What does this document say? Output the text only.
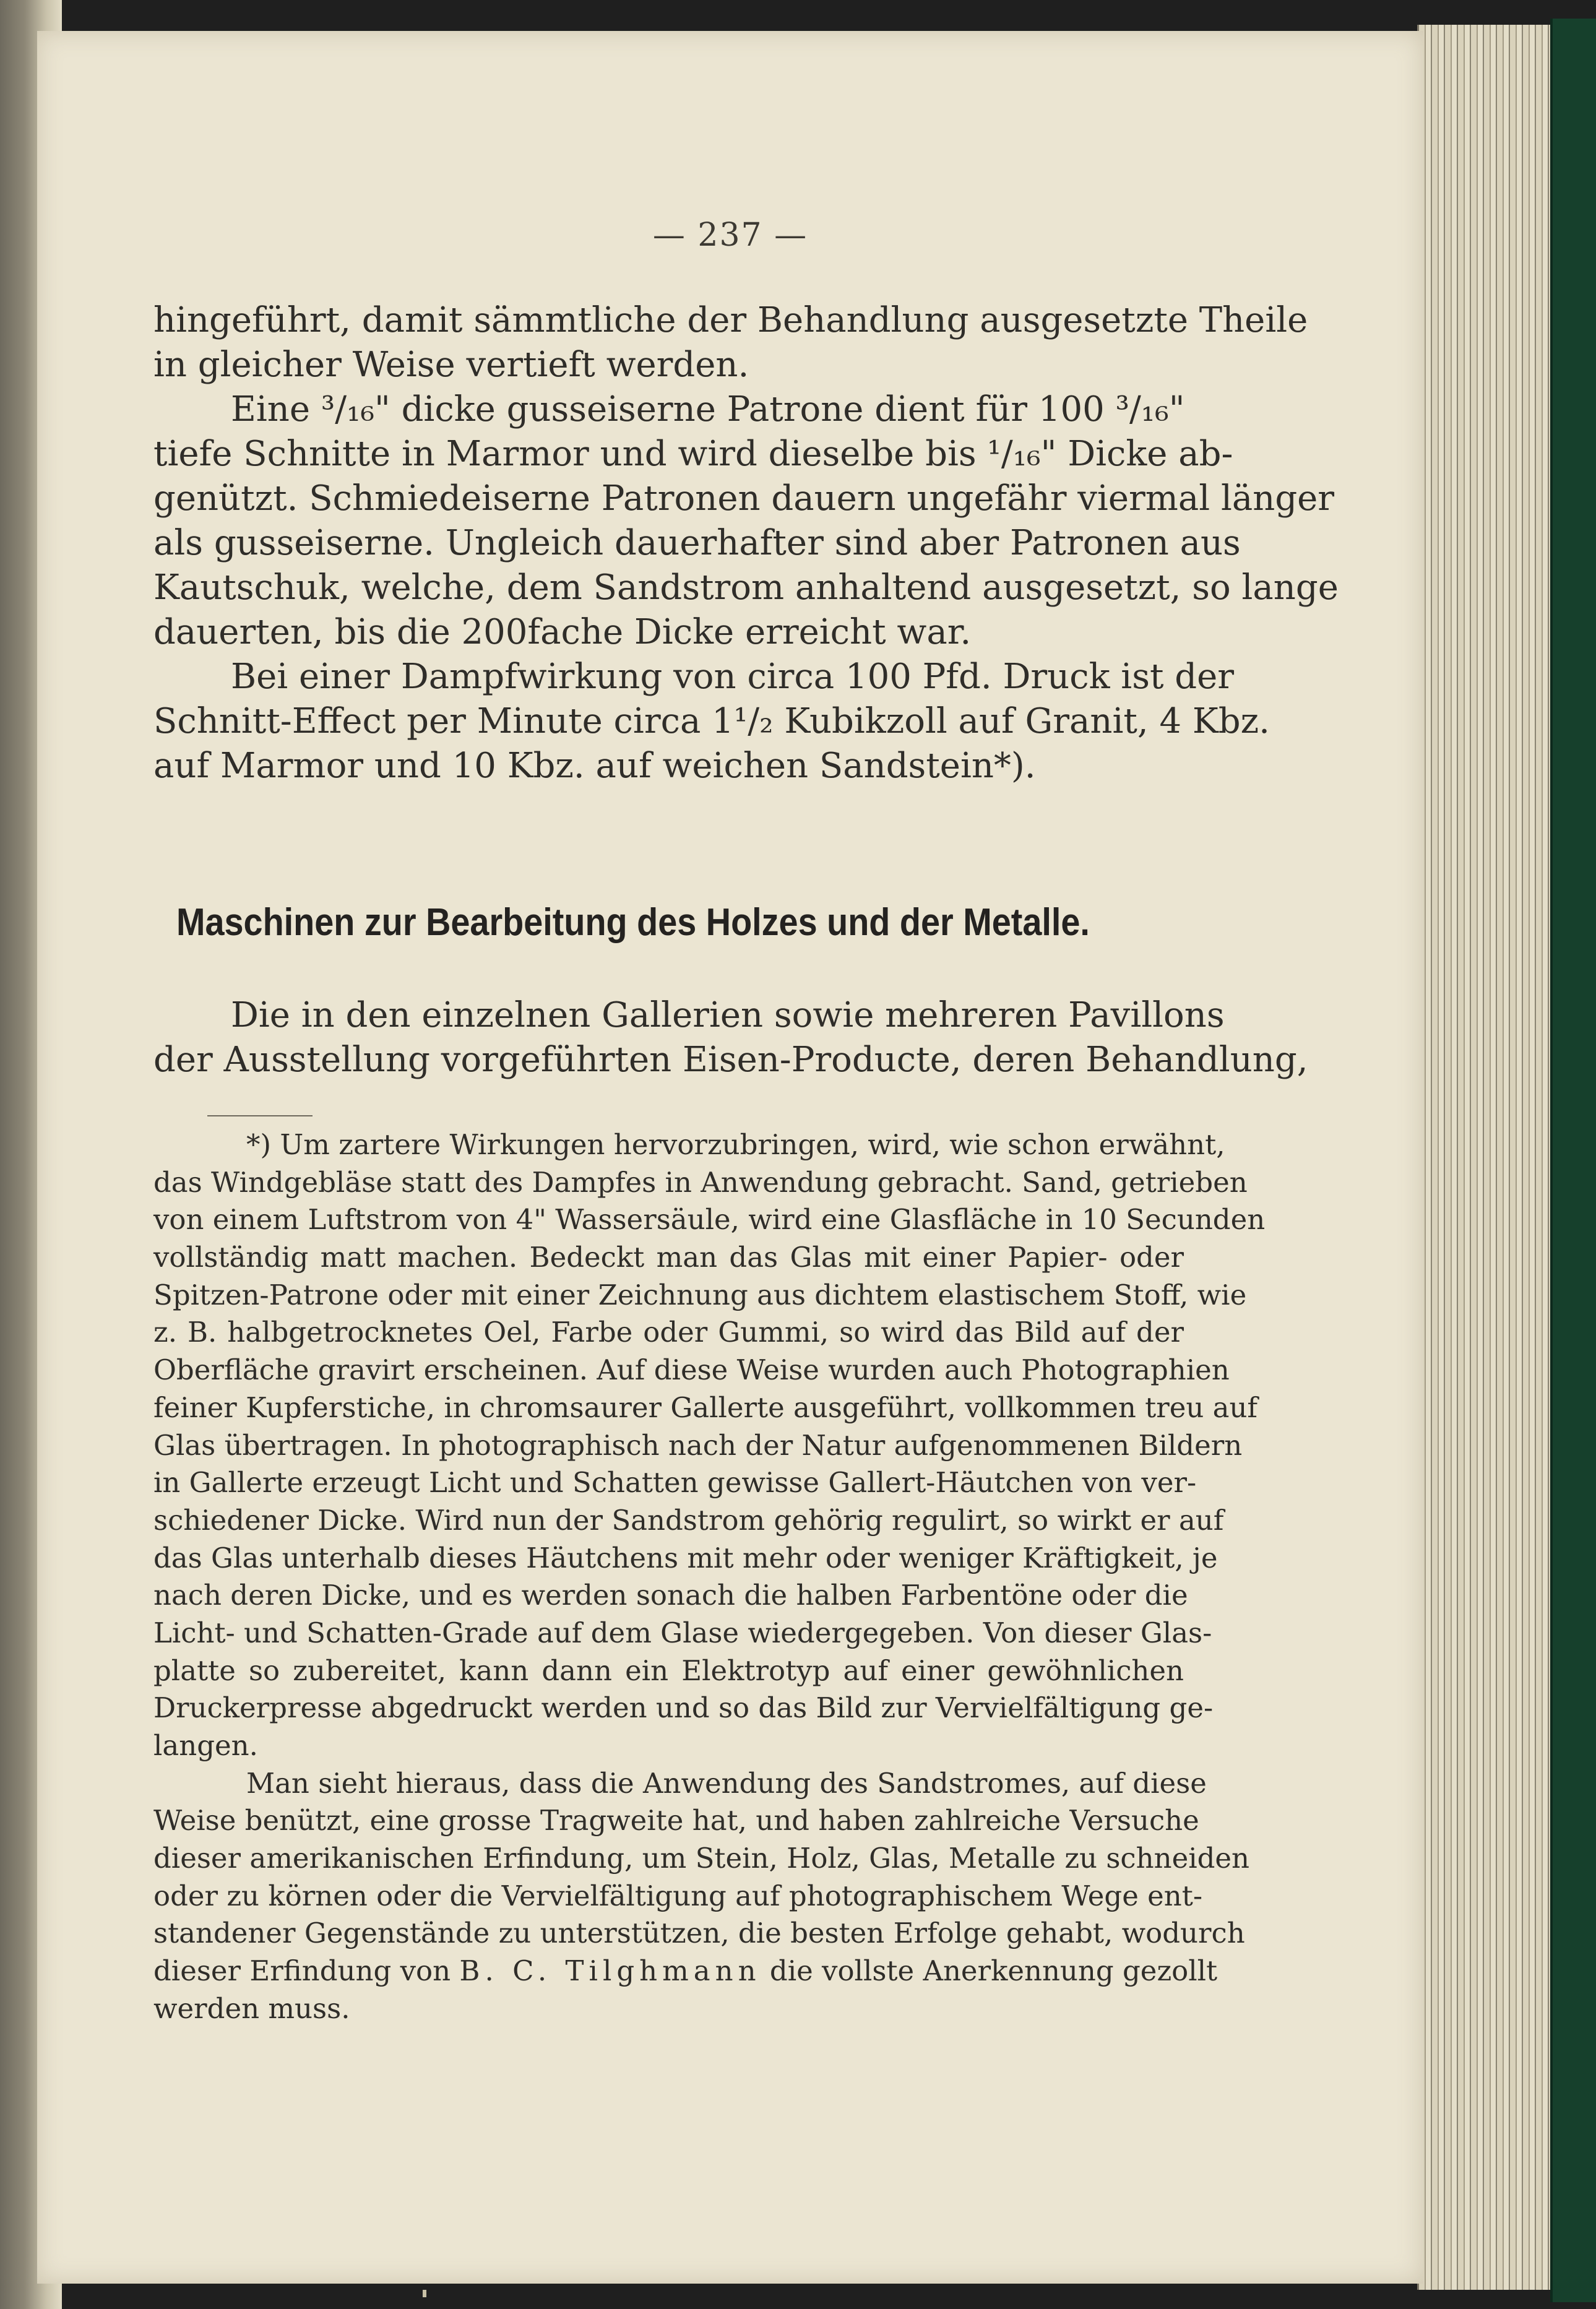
— 237 —
hingeführt, damit sämmtliche der Behandlung ausgesetzte Theile
in gleicher Weise vertieft werden.
Eine ³/₁₆" dicke gusseiserne Patrone dient für 100 ³/₁₆"
tiefe Schnitte in Marmor und wird dieselbe bis ¹/₁₆" Dicke ab-
genützt. Schmiedeiserne Patronen dauern ungefähr viermal länger
als gusseiserne. Ungleich dauerhafter sind aber Patronen aus
Kautschuk, welche, dem Sandstrom anhaltend ausgesetzt, so lange
dauerten, bis die 200fache Dicke erreicht war.
Bei einer Dampfwirkung von circa 100 Pfd. Druck ist der
Schnitt-Effect per Minute circa 1¹/₂ Kubikzoll auf Granit, 4 Kbz.
auf Marmor und 10 Kbz. auf weichen Sandstein*).
Maschinen zur Bearbeitung des Holzes und der Metalle.
Die in den einzelnen Gallerien sowie mehreren Pavillons
der Ausstellung vorgeführten Eisen-Producte, deren Behandlung,
*) Um zartere Wirkungen hervorzubringen, wird, wie schon erwähnt,
das Windgebläse statt des Dampfes in Anwendung gebracht. Sand, getrieben
von einem Luftstrom von 4" Wassersäule, wird eine Glasfläche in 10 Secunden
vollständig matt machen. Bedeckt man das Glas mit einer Papier- oder
Spitzen-Patrone oder mit einer Zeichnung aus dichtem elastischem Stoff, wie
z. B. halbgetrocknetes Oel, Farbe oder Gummi, so wird das Bild auf der
Oberfläche gravirt erscheinen. Auf diese Weise wurden auch Photographien
feiner Kupferstiche, in chromsaurer Gallerte ausgeführt, vollkommen treu auf
Glas übertragen. In photographisch nach der Natur aufgenommenen Bildern
in Gallerte erzeugt Licht und Schatten gewisse Gallert-Häutchen von ver-
schiedener Dicke. Wird nun der Sandstrom gehörig regulirt, so wirkt er auf
das Glas unterhalb dieses Häutchens mit mehr oder weniger Kräftigkeit, je
nach deren Dicke, und es werden sonach die halben Farbentöne oder die
Licht- und Schatten-Grade auf dem Glase wiedergegeben. Von dieser Glas-
platte so zubereitet, kann dann ein Elektrotyp auf einer gewöhnlichen
Druckerpresse abgedruckt werden und so das Bild zur Vervielfältigung ge-
langen.
Man sieht hieraus, dass die Anwendung des Sandstromes, auf diese
Weise benützt, eine grosse Tragweite hat, und haben zahlreiche Versuche
dieser amerikanischen Erfindung, um Stein, Holz, Glas, Metalle zu schneiden
oder zu körnen oder die Vervielfältigung auf photographischem Wege ent-
standener Gegenstände zu unterstützen, die besten Erfolge gehabt, wodurch
dieser Erfindung von B. C. Tilghmann die vollste Anerkennung gezollt
werden muss.
